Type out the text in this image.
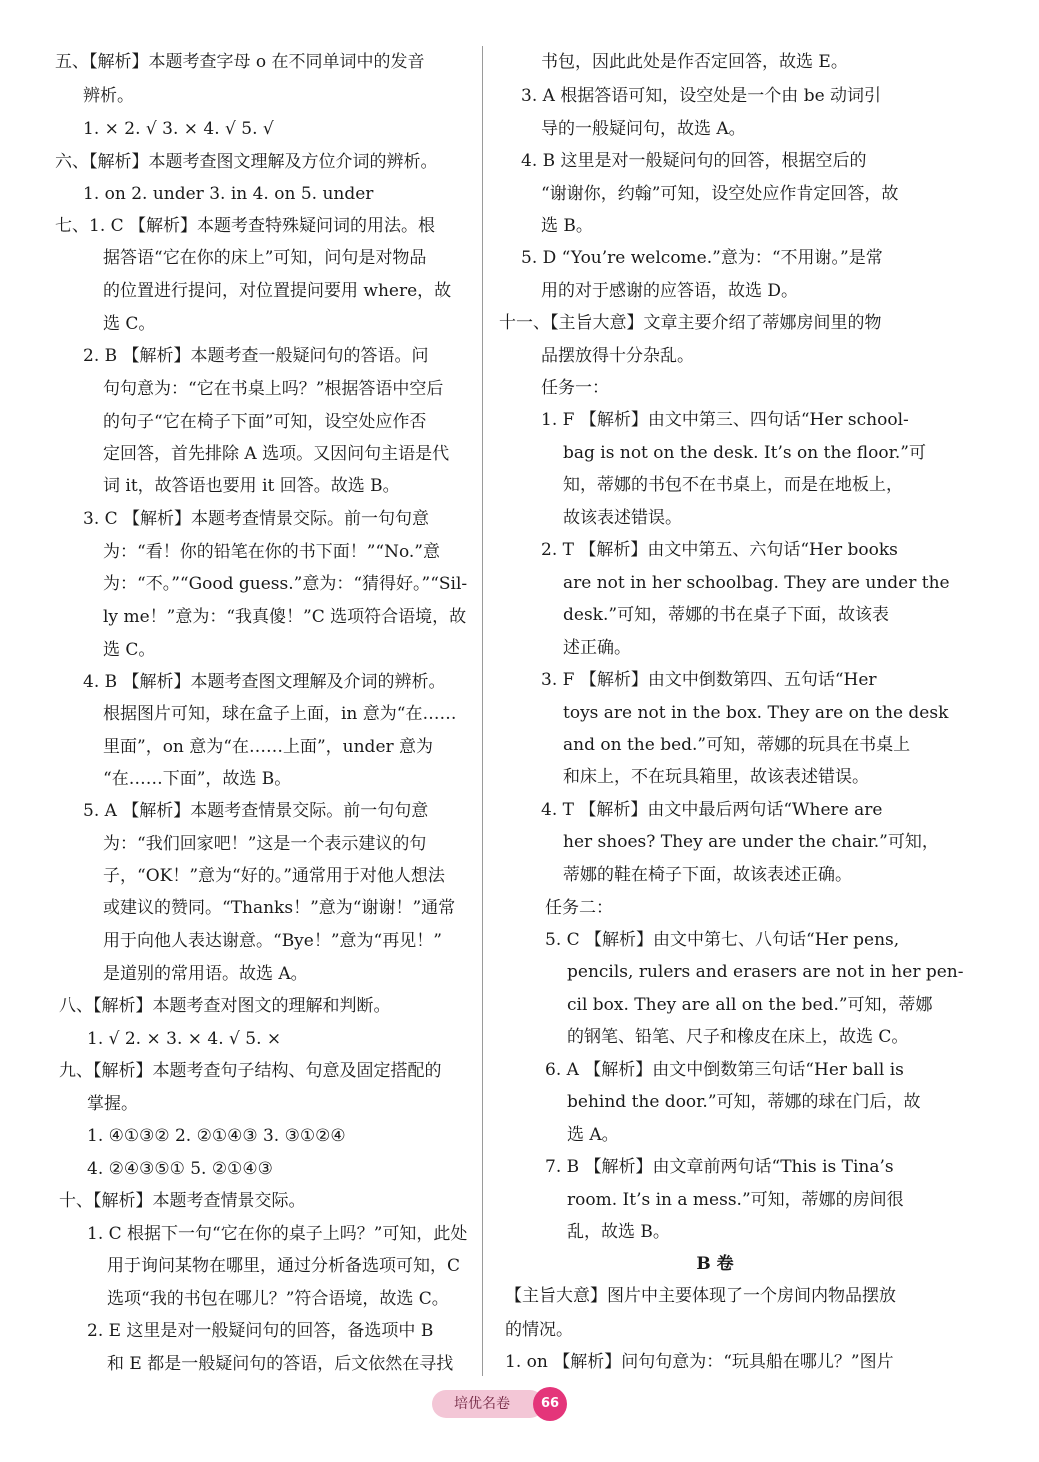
五、【解析】本题考查字母 o 在不同单词中的发音
辨析。
1. × 2. √ 3. × 4. √ 5. √
六、【解析】本题考查图文理解及方位介词的辨析。
1. on 2. under 3. in 4. on 5. under
七、1. C 【解析】本题考查特殊疑问词的用法。根
据答语“它在你的床上”可知，问句是对物品
的位置进行提问，对位置提问要用 where，故
选 C。
2. B 【解析】本题考查一般疑问句的答语。问
句句意为：“它在书桌上吗？”根据答语中空后
的句子“它在椅子下面”可知，设空处应作否
定回答，首先排除 A 选项。又因问句主语是代
词 it，故答语也要用 it 回答。故选 B。
3. C 【解析】本题考查情景交际。前一句句意
为：“看！你的铅笔在你的书下面！”“No.”意
为：“不。”“Good guess.”意为：“猜得好。”“Sil-
ly me！”意为：“我真傻！”C 选项符合语境，故
选 C。
4. B 【解析】本题考查图文理解及介词的辨析。
根据图片可知，球在盒子上面，in 意为“在……
里面”，on 意为“在……上面”，under 意为
“在……下面”，故选 B。
5. A 【解析】本题考查情景交际。前一句句意
为：“我们回家吧！”这是一个表示建议的句
子，“OK！”意为“好的。”通常用于对他人想法
或建议的赞同。“Thanks！”意为“谢谢！”通常
用于向他人表达谢意。“Bye！”意为“再见！”
是道别的常用语。故选 A。
八、【解析】本题考查对图文的理解和判断。
1. √ 2. × 3. × 4. √ 5. ×
九、【解析】本题考查句子结构、句意及固定搭配的
掌握。
1. ④①③② 2. ②①④③ 3. ③①②④
4. ②④③⑤① 5. ②①④③
十、【解析】本题考查情景交际。
1. C 根据下一句“它在你的桌子上吗？”可知，此处
用于询问某物在哪里，通过分析备选项可知，C
选项“我的书包在哪儿？”符合语境，故选 C。
2. E 这里是对一般疑问句的回答，备选项中 B
和 E 都是一般疑问句的答语，后文依然在寻找
书包，因此此处是作否定回答，故选 E。
3. A 根据答语可知，设空处是一个由 be 动词引
导的一般疑问句，故选 A。
4. B 这里是对一般疑问句的回答，根据空后的
“谢谢你，约翰”可知，设空处应作肯定回答，故
选 B。
5. D “You’re welcome.”意为：“不用谢。”是常
用的对于感谢的应答语，故选 D。
十一、【主旨大意】文章主要介绍了蒂娜房间里的物
品摆放得十分杂乱。
任务一：
1. F 【解析】由文中第三、四句话“Her school-
bag is not on the desk. It’s on the floor.”可
知，蒂娜的书包不在书桌上，而是在地板上，
故该表述错误。
2. T 【解析】由文中第五、六句话“Her books
are not in her schoolbag. They are under the
desk.”可知，蒂娜的书在桌子下面，故该表
述正确。
3. F 【解析】由文中倒数第四、五句话“Her
toys are not in the box. They are on the desk
and on the bed.”可知，蒂娜的玩具在书桌上
和床上，不在玩具箱里，故该表述错误。
4. T 【解析】由文中最后两句话“Where are
her shoes? They are under the chair.”可知，
蒂娜的鞋在椅子下面，故该表述正确。
任务二：
5. C 【解析】由文中第七、八句话“Her pens,
pencils, rulers and erasers are not in her pen-
cil box. They are all on the bed.”可知，蒂娜
的钢笔、铅笔、尺子和橡皮在床上，故选 C。
6. A 【解析】由文中倒数第三句话“Her ball is
behind the door.”可知，蒂娜的球在门后，故
选 A。
7. B 【解析】由文章前两句话“This is Tina’s
room. It’s in a mess.”可知，蒂娜的房间很
乱，故选 B。
B 卷
【主旨大意】图片中主要体现了一个房间内物品摆放
的情况。
1. on 【解析】问句句意为：“玩具船在哪儿？”图片
培优名卷	66
